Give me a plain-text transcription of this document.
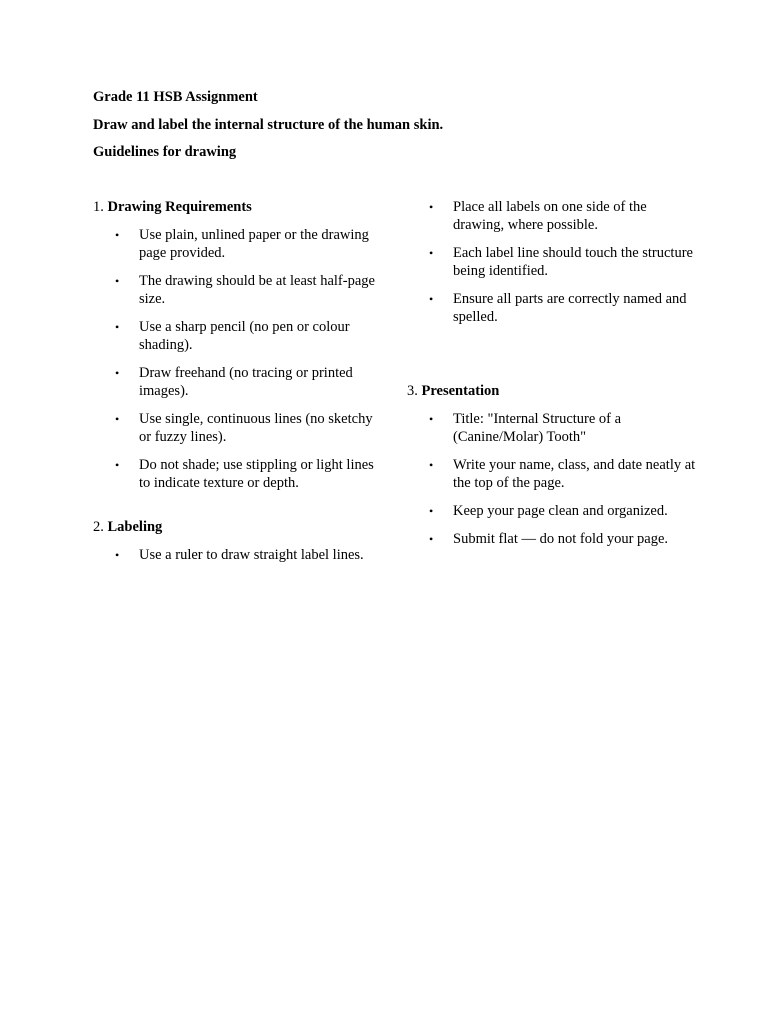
Grade 11 HSB Assignment
Draw and label the internal structure of the human skin.
Guidelines for drawing
1. Drawing Requirements
• Use plain, unlined paper or the drawing page provided.
• The drawing should be at least half-page size.
• Use a sharp pencil (no pen or colour shading).
• Draw freehand (no tracing or printed images).
• Use single, continuous lines (no sketchy or fuzzy lines).
• Do not shade; use stippling or light lines to indicate texture or depth.
2. Labeling
• Use a ruler to draw straight label lines.
• Place all labels on one side of the drawing, where possible.
• Each label line should touch the structure being identified.
• Ensure all parts are correctly named and spelled.
3. Presentation
• Title: "Internal Structure of a (Canine/Molar) Tooth"
• Write your name, class, and date neatly at the top of the page.
• Keep your page clean and organized.
• Submit flat — do not fold your page.
